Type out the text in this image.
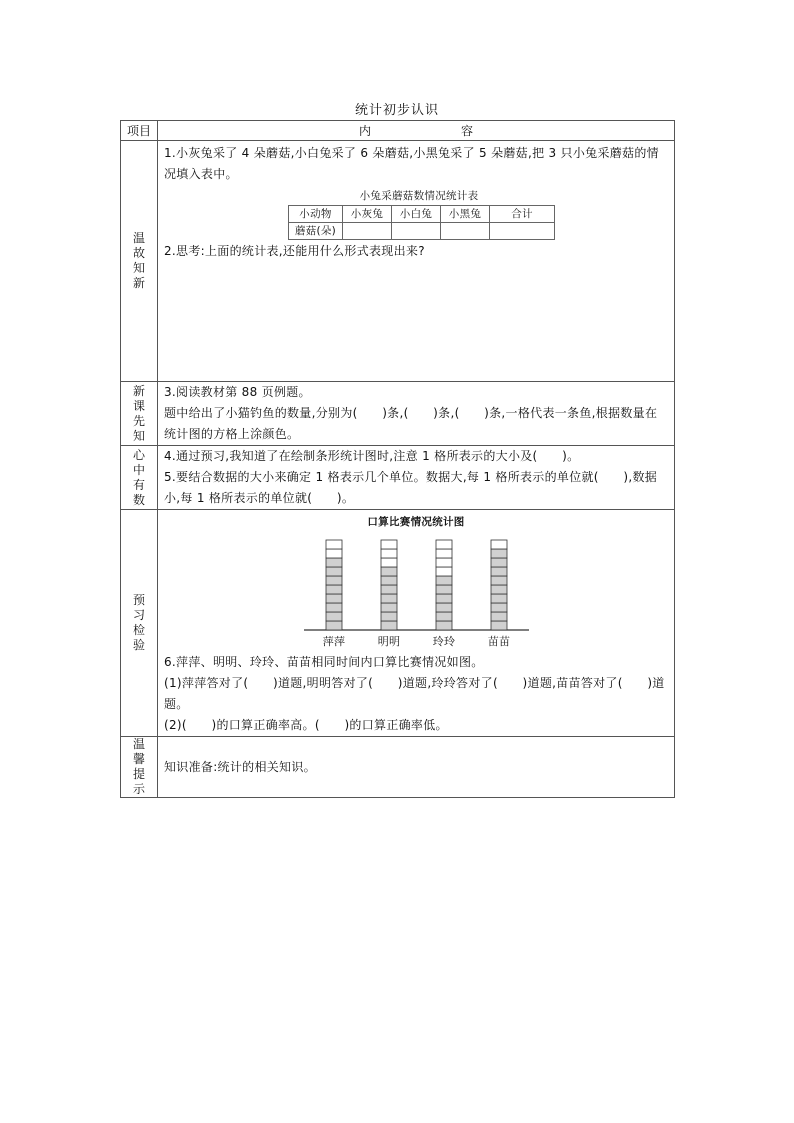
统计初步认识
项目	内　　容
温故知新	

1.小灰兔采了 4 朵蘑菇,小白兔采了 6 朵蘑菇,小黑兔采了 5 朵蘑菇,把 3 只小兔采蘑菇的情况填入表中。

小兔采蘑菇数情况统计表
小动物	小灰兔	小白兔	小黑兔	合计
蘑菇(朵)				

2.思考:上面的统计表,还能用什么形式表现出来?

新课先知	

3.阅读教材第 88 页例题。

题中给出了小猫钓鱼的数量,分别为(　　)条,(　　)条,(　　)条,一格代表一条鱼,根据数量在统计图的方格上涂颜色。

心中有数	

4.通过预习,我知道了在绘制条形统计图时,注意 1 格所表示的大小及(　　)。

5.要结合数据的大小来确定 1 格表示几个单位。数据大,每 1 格所表示的单位就(　　),数据小,每 1 格所表示的单位就(　　)。

预习检验	
口算比赛情况统计图
萍萍	明明	玲玲	苗苗

6.萍萍、明明、玲玲、苗苗相同时间内口算比赛情况如图。

(1)萍萍答对了(　　)道题,明明答对了(　　)道题,玲玲答对了(　　)道题,苗苗答对了(　　)道题。

(2)(　　)的口算正确率高。(　　)的口算正确率低。

温馨提示	

知识准备:统计的相关知识。
